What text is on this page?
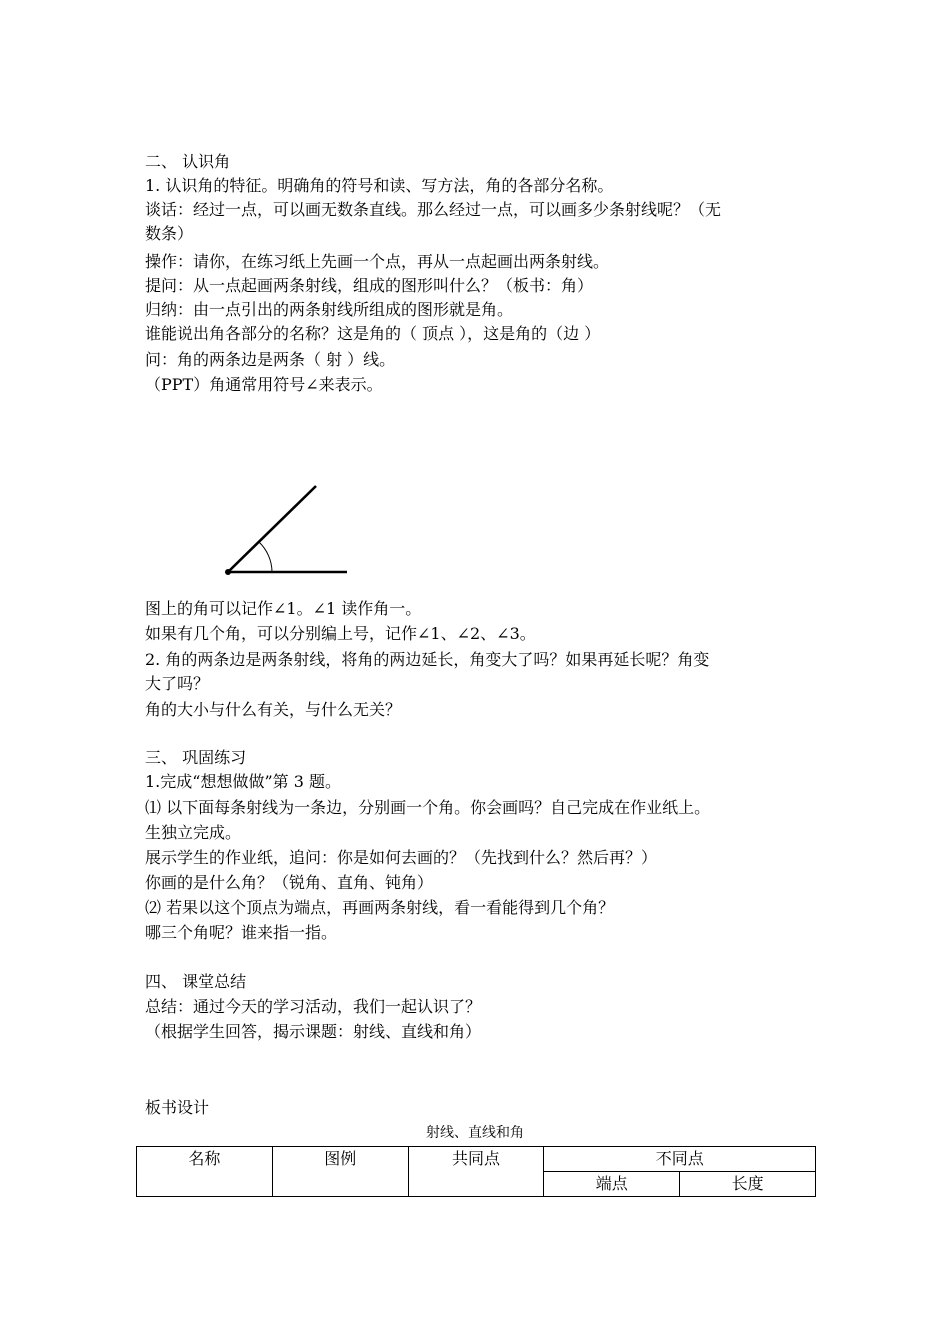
二、 认识角
1. 认识角的特征。明确角的符号和读、写方法，角的各部分名称。
谈话：经过一点，可以画无数条直线。那么经过一点，可以画多少条射线呢？（无
数条）
操作：请你，在练习纸上先画一个点，再从一点起画出两条射线。
提问：从一点起画两条射线，组成的图形叫什么？（板书：角）
归纳：由一点引出的两条射线所组成的图形就是角。
谁能说出角各部分的名称？这是角的（ 顶点 ），这是角的（边 ）
问：角的两条边是两条（ 射 ）线。
（PPT）角通常用符号∠来表示。
图上的角可以记作∠1。∠1 读作角一。
如果有几个角，可以分别编上号，记作∠1、∠2、∠3。
2. 角的两条边是两条射线，将角的两边延长，角变大了吗？如果再延长呢？角变
大了吗？
角的大小与什么有关，与什么无关？
三、 巩固练习
1.完成“想想做做”第 3 题。
⑴ 以下面每条射线为一条边，分别画一个角。你会画吗？自己完成在作业纸上。
生独立完成。
展示学生的作业纸，追问：你是如何去画的？（先找到什么？然后再？）
你画的是什么角？（锐角、直角、钝角）
⑵ 若果以这个顶点为端点，再画两条射线，看一看能得到几个角？
哪三个角呢？谁来指一指。
四、 课堂总结
总结：通过今天的学习活动，我们一起认识了？
（根据学生回答，揭示课题：射线、直线和角）
板书设计
射线、直线和角
名称	图例	共同点	不同点	
			端点	长度
